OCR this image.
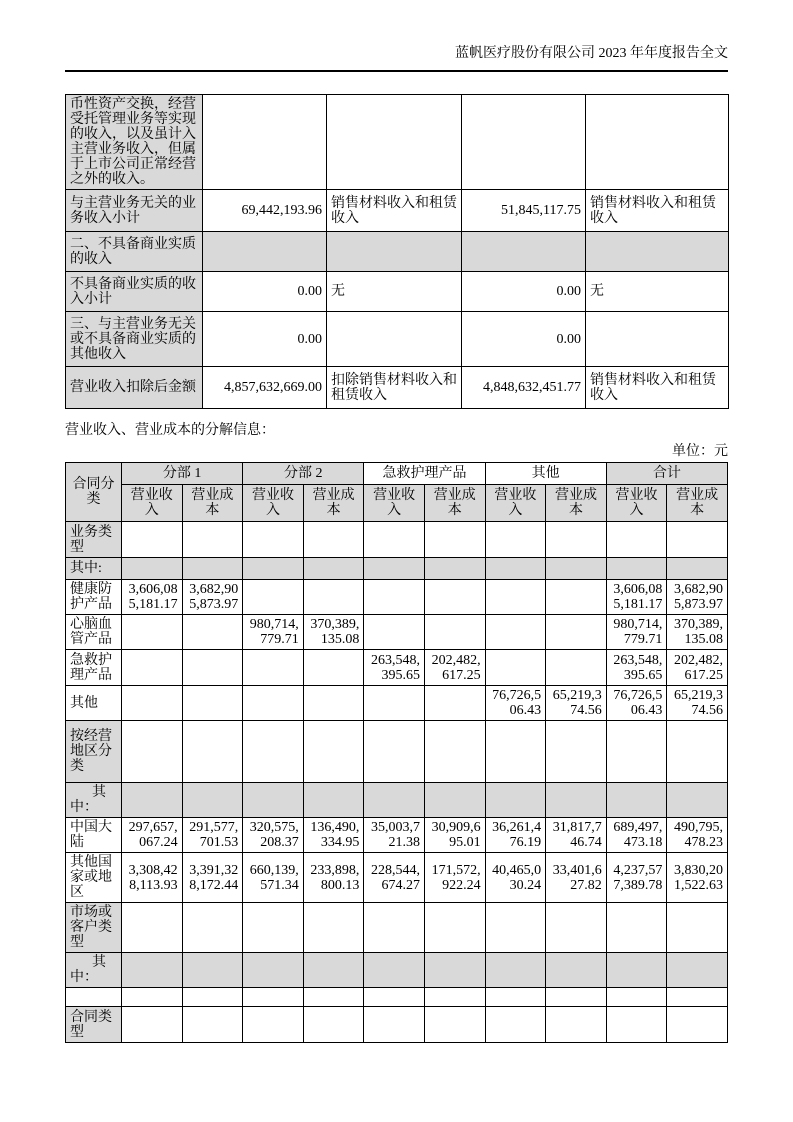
蓝帆医疗股份有限公司 2023 年年度报告全文
币性资产交换，经营受托管理业务等实现的收入，以及虽计入主营业务收入，但属于上市公司正常经营之外的收入。				
与主营业务无关的业务收入小计	69,442,193.96	销售材料收入和租赁收入	51,845,117.75	销售材料收入和租赁收入
二、不具备商业实质的收入				
不具备商业实质的收入小计	0.00	无	0.00	无
三、与主营业务无关或不具备商业实质的其他收入	0.00		0.00	
营业收入扣除后金额	4,857,632,669.00	扣除销售材料收入和租赁收入	4,848,632,451.77	销售材料收入和租赁收入

营业收入、营业成本的分解信息：

单位：元

合同分类	分部 1		分部 2		急救护理产品		其他		合计	
	营业收入	营业成本	营业收入	营业成本	营业收入	营业成本	营业收入	营业成本	营业收入	营业成本
业务类型										
其中:										
健康防护产品	3,606,085,181.17	3,682,905,873.97							3,606,085,181.17	3,682,905,873.97
心脑血管产品			980,714,779.71	370,389,135.08					980,714,779.71	370,389,135.08
急救护理产品					263,548,395.65	202,482,617.25			263,548,395.65	202,482,617.25
其他							76,726,506.43	65,219,374.56	76,726,506.43	65,219,374.56
按经营地区分类										
其中：										
中国大陆	297,657,067.24	291,577,701.53	320,575,208.37	136,490,334.95	35,003,721.38	30,909,695.01	36,261,476.19	31,817,746.74	689,497,473.18	490,795,478.23
其他国家或地区	3,308,428,113.93	3,391,328,172.44	660,139,571.34	233,898,800.13	228,544,674.27	171,572,922.24	40,465,030.24	33,401,627.82	4,237,577,389.78	3,830,201,522.63
市场或客户类型										
其中：										

合同类型										
